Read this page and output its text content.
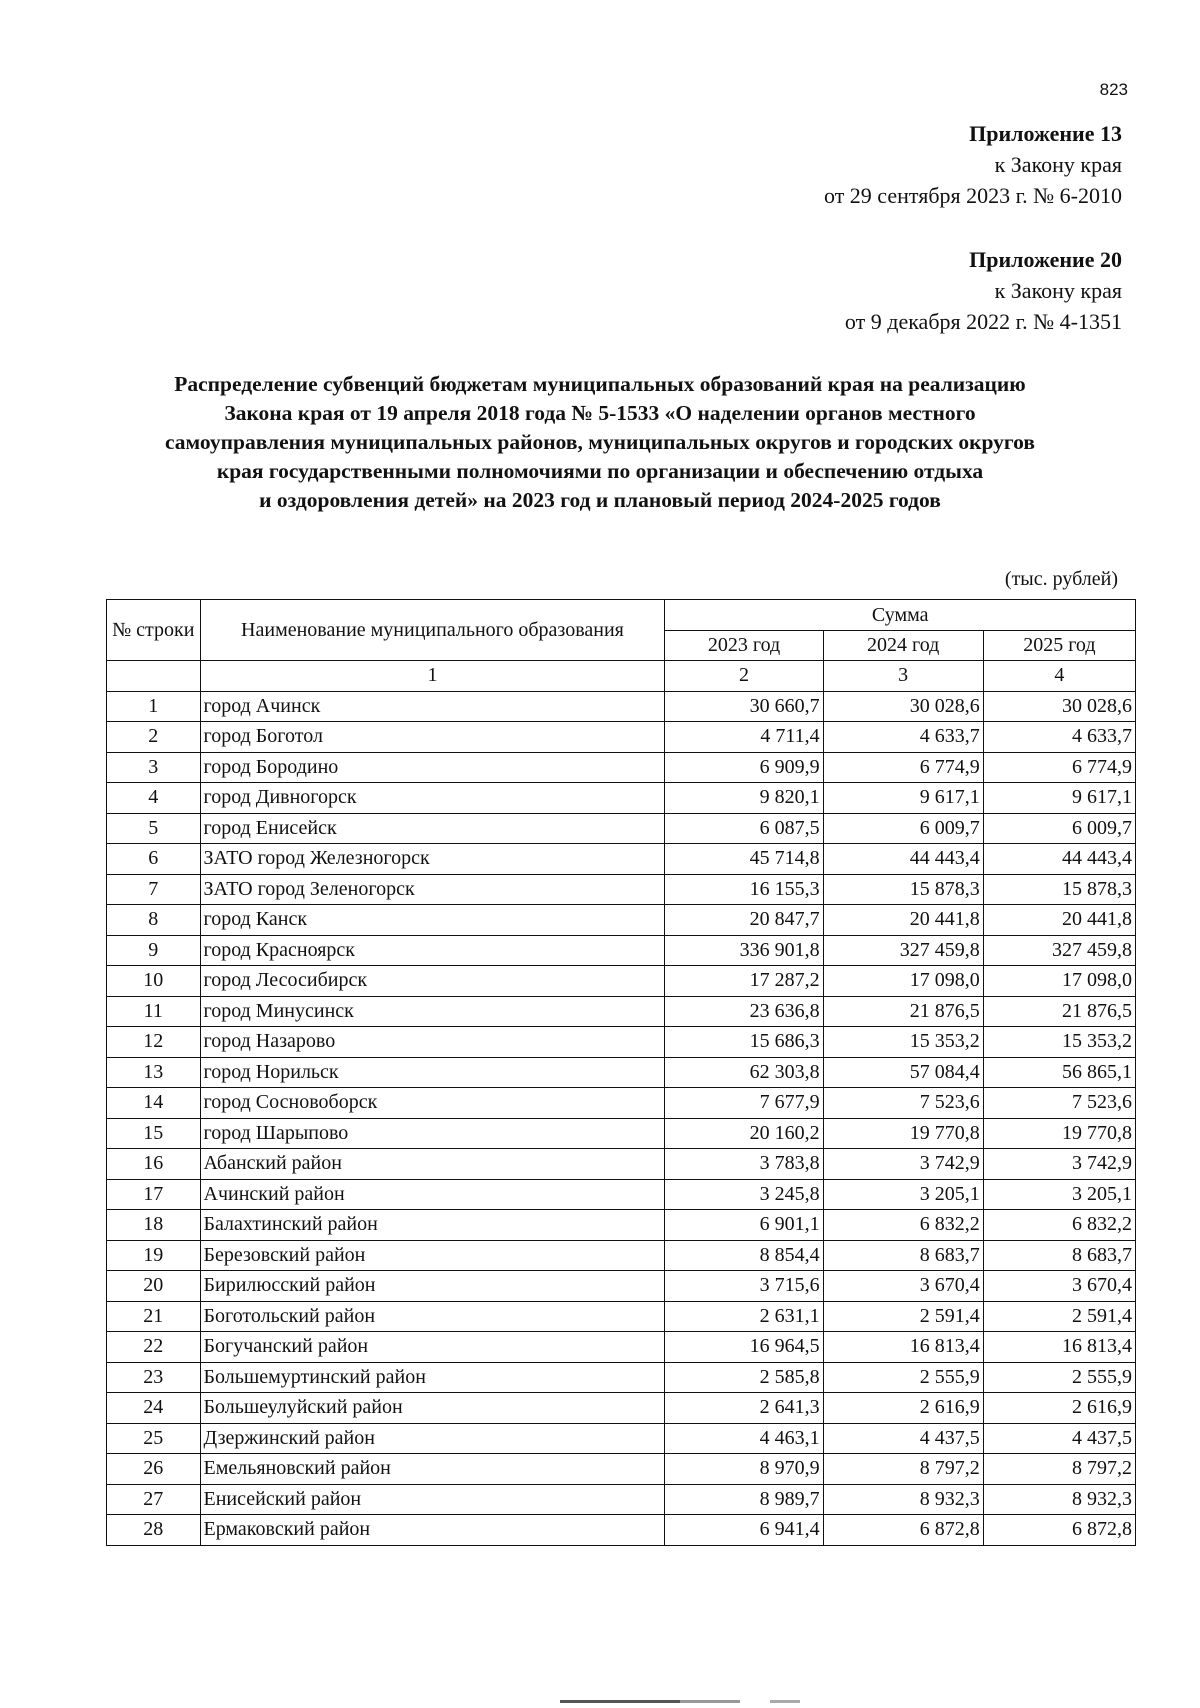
823
Приложение 13
к Закону края
от 29 сентября 2023 г. № 6-2010
Приложение 20
к Закону края
от 9 декабря 2022 г. № 4-1351
Распределение субвенций бюджетам муниципальных образований края на реализацию
Закона края от 19 апреля 2018 года № 5-1533 «О наделении органов местного
самоуправления муниципальных районов, муниципальных округов и городских округов
края государственными полномочиями по организации и обеспечению отдыха
и оздоровления детей» на 2023 год и плановый период 2024-2025 годов
(тыс. рублей)
№ строки	Наименование муниципального образования	Сумма		
		2023 год	2024 год	2025 год
	1	2	3	4
1	город Ачинск	30 660,7	30 028,6	30 028,6
2	город Боготол	4 711,4	4 633,7	4 633,7
3	город Бородино	6 909,9	6 774,9	6 774,9
4	город Дивногорск	9 820,1	9 617,1	9 617,1
5	город Енисейск	6 087,5	6 009,7	6 009,7
6	ЗАТО город Железногорск	45 714,8	44 443,4	44 443,4
7	ЗАТО город Зеленогорск	16 155,3	15 878,3	15 878,3
8	город Канск	20 847,7	20 441,8	20 441,8
9	город Красноярск	336 901,8	327 459,8	327 459,8
10	город Лесосибирск	17 287,2	17 098,0	17 098,0
11	город Минусинск	23 636,8	21 876,5	21 876,5
12	город Назарово	15 686,3	15 353,2	15 353,2
13	город Норильск	62 303,8	57 084,4	56 865,1
14	город Сосновоборск	7 677,9	7 523,6	7 523,6
15	город Шарыпово	20 160,2	19 770,8	19 770,8
16	Абанский район	3 783,8	3 742,9	3 742,9
17	Ачинский район	3 245,8	3 205,1	3 205,1
18	Балахтинский район	6 901,1	6 832,2	6 832,2
19	Березовский район	8 854,4	8 683,7	8 683,7
20	Бирилюсский район	3 715,6	3 670,4	3 670,4
21	Боготольский район	2 631,1	2 591,4	2 591,4
22	Богучанский район	16 964,5	16 813,4	16 813,4
23	Большемуртинский район	2 585,8	2 555,9	2 555,9
24	Большеулуйский район	2 641,3	2 616,9	2 616,9
25	Дзержинский район	4 463,1	4 437,5	4 437,5
26	Емельяновский район	8 970,9	8 797,2	8 797,2
27	Енисейский район	8 989,7	8 932,3	8 932,3
28	Ермаковский район	6 941,4	6 872,8	6 872,8
